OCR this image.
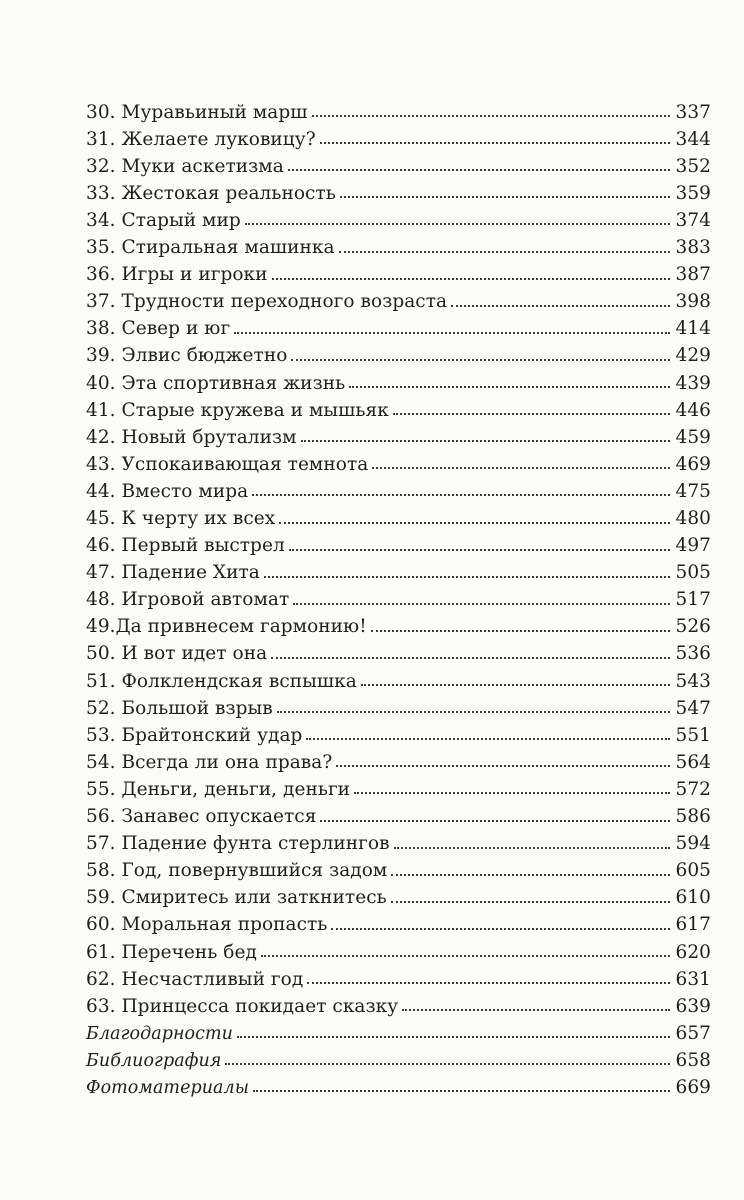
30. Муравьиный марш	337
31. Желаете луковицу?	344
32. Муки аскетизма	352
33. Жестокая реальность	359
34. Старый мир	374
35. Стиральная машинка	383
36. Игры и игроки	387
37. Трудности переходного возраста	398
38. Север и юг	414
39. Элвис бюджетно	429
40. Эта спортивная жизнь	439
41. Старые кружева и мышьяк	446
42. Новый брутализм	459
43. Успокаивающая темнота	469
44. Вместо мира	475
45. К черту их всех	480
46. Первый выстрел	497
47. Падение Хита	505
48. Игровой автомат	517
49.Да привнесем гармонию!	526
50. И вот идет она	536
51. Фолклендская вспышка	543
52. Большой взрыв	547
53. Брайтонский удар	551
54. Всегда ли она права?	564
55. Деньги, деньги, деньги	572
56. Занавес опускается	586
57. Падение фунта стерлингов	594
58. Год, повернувшийся задом	605
59. Смиритесь или заткнитесь	610
60. Моральная пропасть	617
61. Перечень бед	620
62. Несчастливый год	631
63. Принцесса покидает сказку	639
Благодарности	657
Библиография	658
Фотоматериалы	669
